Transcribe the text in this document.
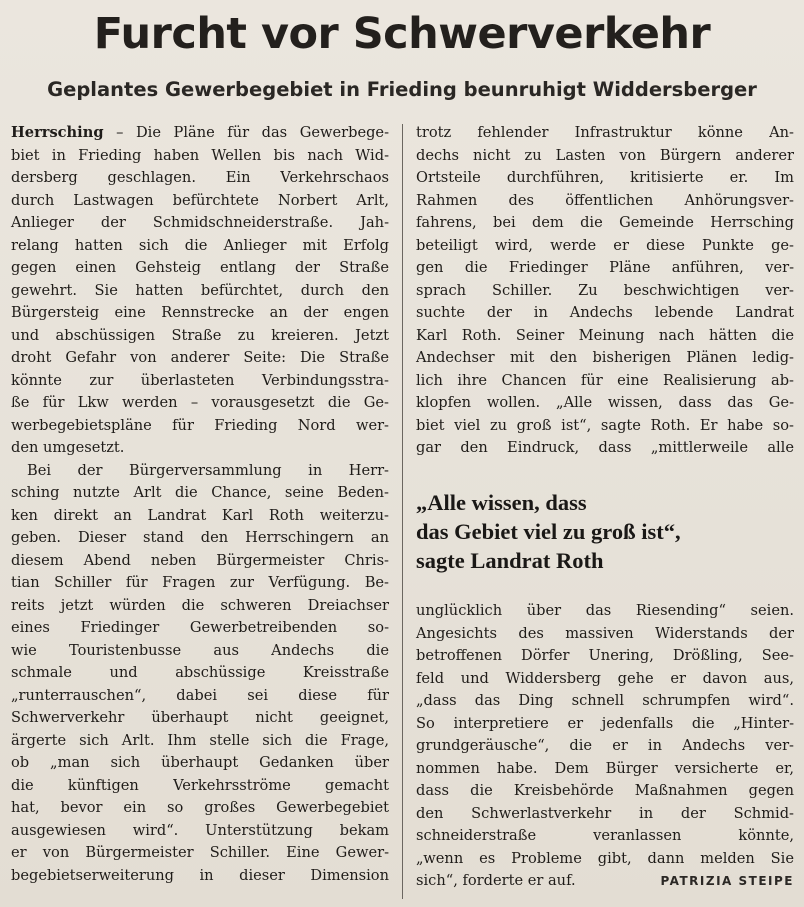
Furcht vor Schwerverkehr
Geplantes Gewerbegebiet in Frieding beunruhigt Widdersberger
Herrsching – Die Pläne für das Gewerbege-
biet in Frieding haben Wellen bis nach Wid-
dersberg geschlagen. Ein Verkehrschaos
durch Lastwagen befürchtete Norbert Arlt,
Anlieger der Schmidschneiderstraße. Jah-
relang hatten sich die Anlieger mit Erfolg
gegen einen Gehsteig entlang der Straße
gewehrt. Sie hatten befürchtet, durch den
Bürgersteig eine Rennstrecke an der engen
und abschüssigen Straße zu kreieren. Jetzt
droht Gefahr von anderer Seite: Die Straße
könnte zur überlasteten Verbindungsstra-
ße für Lkw werden – vorausgesetzt die Ge-
werbegebietspläne für Frieding Nord wer-
den umgesetzt.
Bei der Bürgerversammlung in Herr-
sching nutzte Arlt die Chance, seine Beden-
ken direkt an Landrat Karl Roth weiterzu-
geben. Dieser stand den Herrschingern an
diesem Abend neben Bürgermeister Chris-
tian Schiller für Fragen zur Verfügung. Be-
reits jetzt würden die schweren Dreiachser
eines Friedinger Gewerbetreibenden so-
wie Touristenbusse aus Andechs die
schmale und abschüssige Kreisstraße
„runterrauschen“, dabei sei diese für
Schwerverkehr überhaupt nicht geeignet,
ärgerte sich Arlt. Ihm stelle sich die Frage,
ob „man sich überhaupt Gedanken über
die künftigen Verkehrsströme gemacht
hat, bevor ein so großes Gewerbegebiet
ausgewiesen wird“. Unterstützung bekam
er von Bürgermeister Schiller. Eine Gewer-
begebietserweiterung in dieser Dimension
trotz fehlender Infrastruktur könne An-
dechs nicht zu Lasten von Bürgern anderer
Ortsteile durchführen, kritisierte er. Im
Rahmen des öffentlichen Anhörungsver-
fahrens, bei dem die Gemeinde Herrsching
beteiligt wird, werde er diese Punkte ge-
gen die Friedinger Pläne anführen, ver-
sprach Schiller. Zu beschwichtigen ver-
suchte der in Andechs lebende Landrat
Karl Roth. Seiner Meinung nach hätten die
Andechser mit den bisherigen Plänen ledig-
lich ihre Chancen für eine Realisierung ab-
klopfen wollen. „Alle wissen, dass das Ge-
biet viel zu groß ist“, sagte Roth. Er habe so-
gar den Eindruck, dass „mittlerweile alle
„Alle wissen, dass
das Gebiet viel zu groß ist“,
sagte Landrat Roth
unglücklich über das Riesending“ seien.
Angesichts des massiven Widerstands der
betroffenen Dörfer Unering, Drößling, See-
feld und Widdersberg gehe er davon aus,
„dass das Ding schnell schrumpfen wird“.
So interpretiere er jedenfalls die „Hinter-
grundgeräusche“, die er in Andechs ver-
nommen habe. Dem Bürger versicherte er,
dass die Kreisbehörde Maßnahmen gegen
den Schwerlastverkehr in der Schmid-
schneiderstraße veranlassen könnte,
„wenn es Probleme gibt, dann melden Sie
sich“, forderte er auf.	PATRIZIA STEIPE
